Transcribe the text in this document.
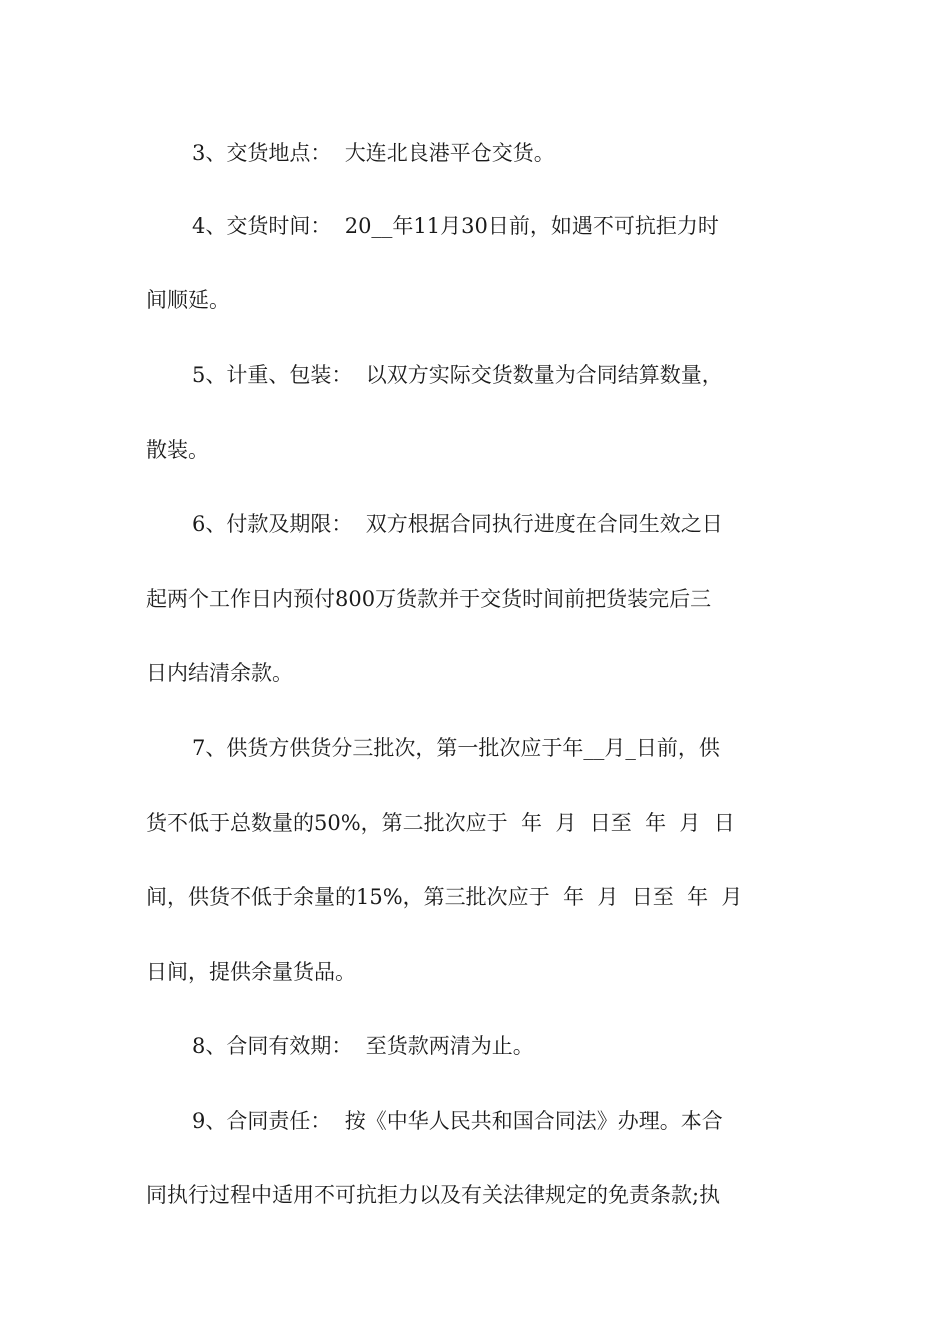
3、交货地点：  大连北良港平仓交货。
4、交货时间：  20__年11月30日前，如遇不可抗拒力时
间顺延。
5、计重、包装：  以双方实际交货数量为合同结算数量，
散装。
6、付款及期限：  双方根据合同执行进度在合同生效之日
起两个工作日内预付800万货款并于交货时间前把货装完后三
日内结清余款。
7、供货方供货分三批次，第一批次应于年__月_日前，供
货不低于总数量的50%，第二批次应于  年  月  日至  年  月  日
间，供货不低于余量的15%，第三批次应于  年  月  日至  年  月
日间，提供余量货品。
8、合同有效期：  至货款两清为止。
9、合同责任：  按《中华人民共和国合同法》办理。本合
同执行过程中适用不可抗拒力以及有关法律规定的免责条款;执
